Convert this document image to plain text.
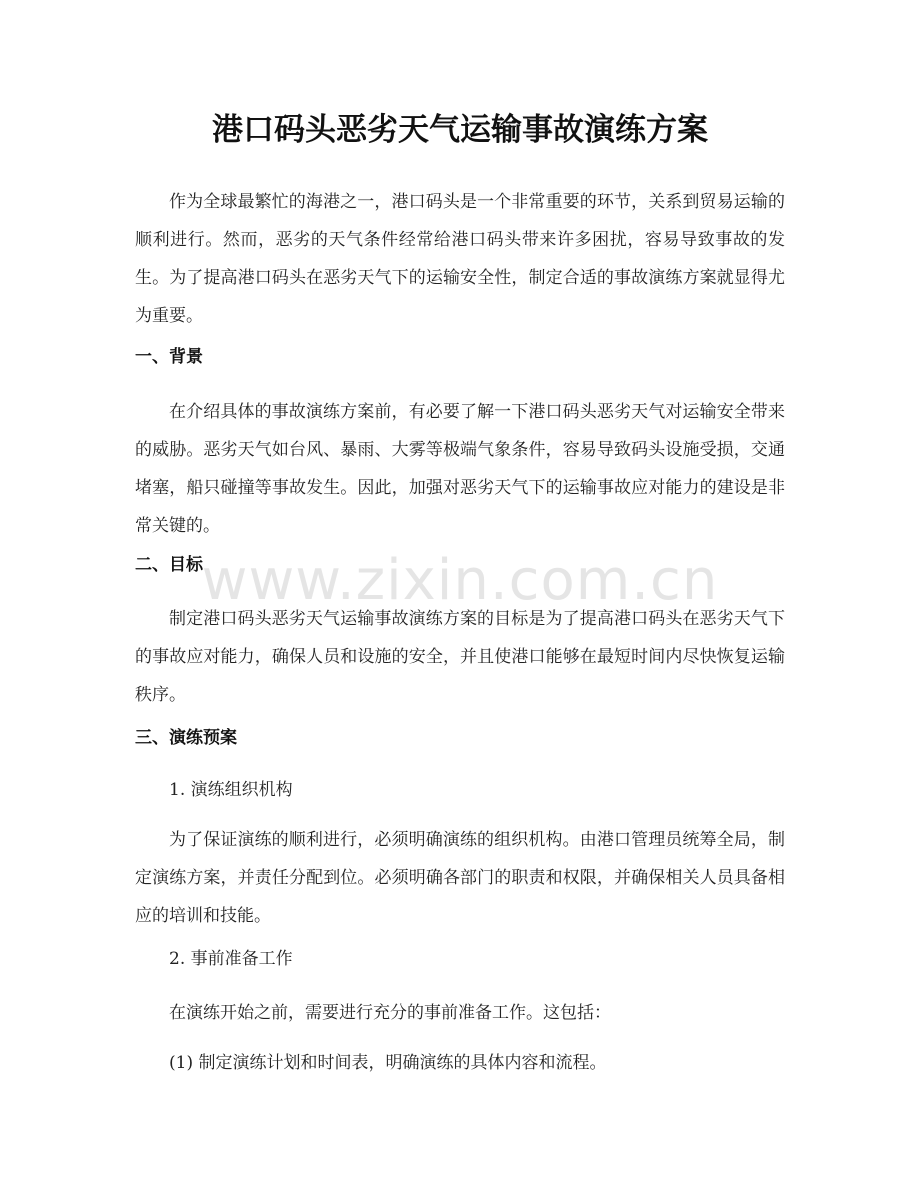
港口码头恶劣天气运输事故演练方案
作为全球最繁忙的海港之一，港口码头是一个非常重要的环节，关系到贸易运输的顺利进行。然而，恶劣的天气条件经常给港口码头带来许多困扰，容易导致事故的发生。为了提高港口码头在恶劣天气下的运输安全性，制定合适的事故演练方案就显得尤为重要。
一、背景
在介绍具体的事故演练方案前，有必要了解一下港口码头恶劣天气对运输安全带来的威胁。恶劣天气如台风、暴雨、大雾等极端气象条件，容易导致码头设施受损，交通堵塞，船只碰撞等事故发生。因此，加强对恶劣天气下的运输事故应对能力的建设是非常关键的。
二、目标
制定港口码头恶劣天气运输事故演练方案的目标是为了提高港口码头在恶劣天气下的事故应对能力，确保人员和设施的安全，并且使港口能够在最短时间内尽快恢复运输秩序。
三、演练预案
1. 演练组织机构
为了保证演练的顺利进行，必须明确演练的组织机构。由港口管理员统筹全局，制定演练方案，并责任分配到位。必须明确各部门的职责和权限，并确保相关人员具备相应的培训和技能。
2. 事前准备工作
在演练开始之前，需要进行充分的事前准备工作。这包括：
(1) 制定演练计划和时间表，明确演练的具体内容和流程。
www.zixin.com.cn
